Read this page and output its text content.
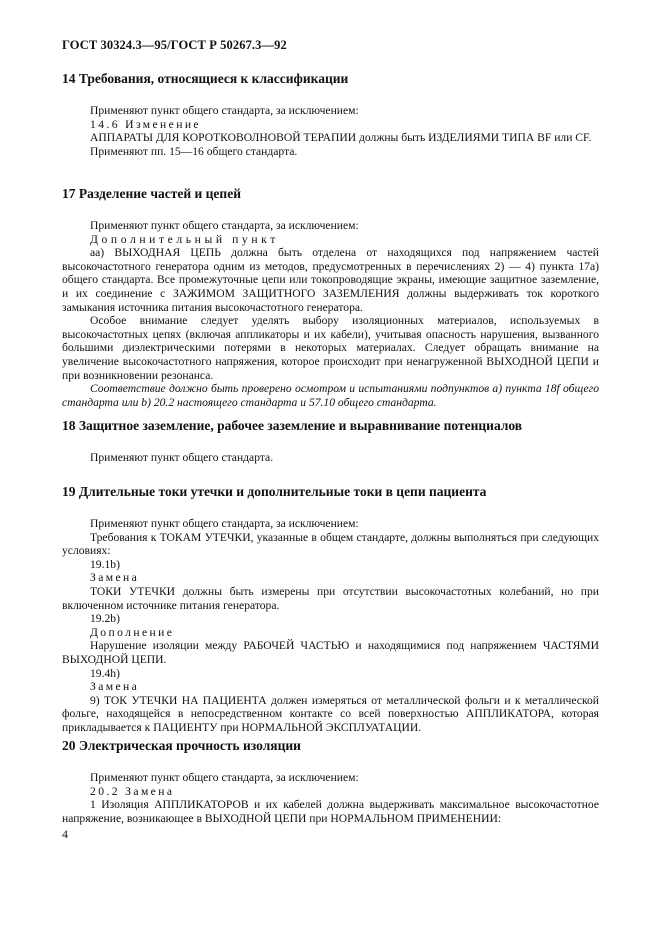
ГОСТ 30324.3—95/ГОСТ Р 50267.3—92
14 Требования, относящиеся к классификации

Применяют пункт общего стандарта, за исключением:

14.6 Изменение

АППАРАТЫ ДЛЯ КОРОТКОВОЛНОВОЙ ТЕРАПИИ должны быть ИЗДЕЛИЯМИ ТИПА BF или CF.

Применяют пп. 15—16 общего стандарта.

17 Разделение частей и цепей

Применяют пункт общего стандарта, за исключением:

Дополнительный пункт

аа) ВЫХОДНАЯ ЦЕПЬ должна быть отделена от находящихся под напряжением частей высокочастотного генератора одним из методов, предусмотренных в перечислениях 2) — 4) пункта 17a) общего стандарта. Все промежуточные цепи или токопроводящие экраны, имеющие защитное заземление, и их соединение с ЗАЖИМОМ ЗАЩИТНОГО ЗАЗЕМЛЕНИЯ должны выдерживать ток короткого замыкания источника питания высокочастотного генератора.

Особое внимание следует уделять выбору изоляционных материалов, используемых в высокочастотных цепях (включая аппликаторы и их кабели), учитывая опасность нарушения, вызванного большими диэлектрическими потерями в некоторых материалах. Следует обращать внимание на увеличение высокочастотного напряжения, которое происходит при ненагруженной ВЫХОДНОЙ ЦЕПИ и при возникновении резонанса.

Соответствие должно быть проверено осмотром и испытаниями подпунктов a) пункта 18f общего стандарта или b) 20.2 настоящего стандарта и 57.10 общего стандарта.

18 Защитное заземление, рабочее заземление и выравнивание потенциалов

Применяют пункт общего стандарта.

19 Длительные токи утечки и дополнительные токи в цепи пациента

Применяют пункт общего стандарта, за исключением:

Требования к ТОКАМ УТЕЧКИ, указанные в общем стандарте, должны выполняться при следующих условиях:

19.1b)

Замена

ТОКИ УТЕЧКИ должны быть измерены при отсутствии высокочастотных колебаний, но при включенном источнике питания генератора.

19.2b)

Дополнение

Нарушение изоляции между РАБОЧЕЙ ЧАСТЬЮ и находящимися под напряжением ЧАСТЯМИ ВЫХОДНОЙ ЦЕПИ.

19.4h)

Замена

9) ТОК УТЕЧКИ НА ПАЦИЕНТА должен измеряться от металлической фольги и к металлической фольге, находящейся в непосредственном контакте со всей поверхностью АППЛИКАТОРА, которая прикладывается к ПАЦИЕНТУ при НОРМАЛЬНОЙ ЭКСПЛУАТАЦИИ.

20 Электрическая прочность изоляции

Применяют пункт общего стандарта, за исключением:

20.2 Замена

1 Изоляция АППЛИКАТОРОВ и их кабелей должна выдерживать максимальное высокочастотное напряжение, возникающее в ВЫХОДНОЙ ЦЕПИ при НОРМАЛЬНОМ ПРИМЕНЕНИИ:

4
